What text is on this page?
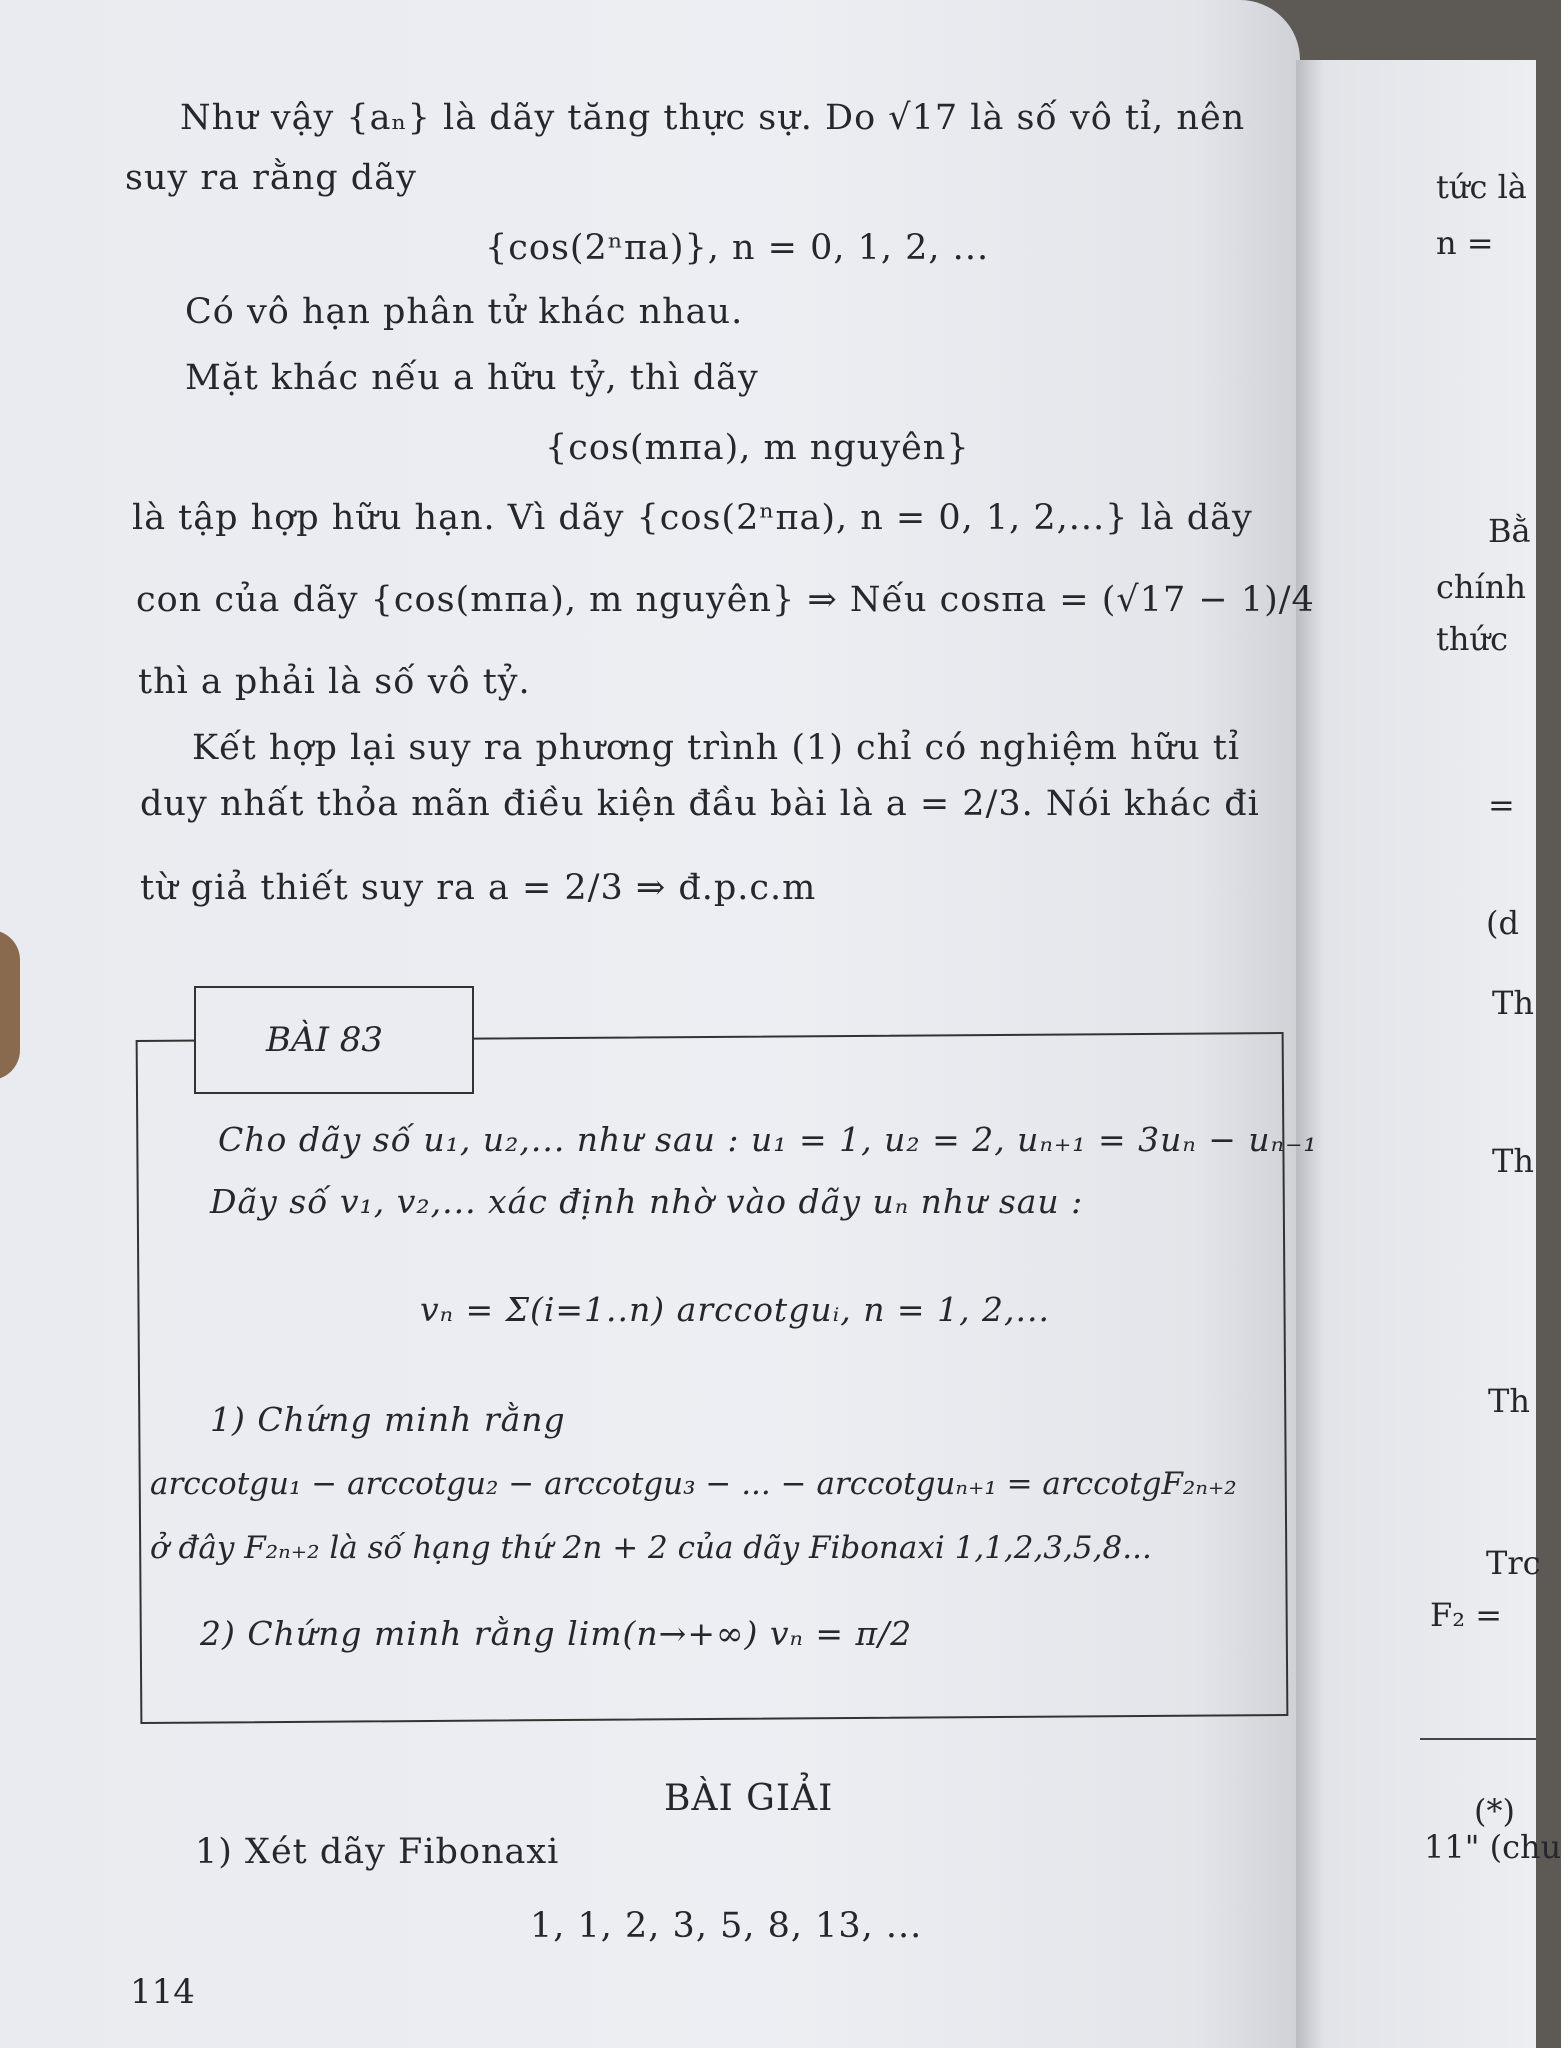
Như vậy {aₙ} là dãy tăng thực sự. Do √17 là số vô tỉ, nên
suy ra rằng dãy
{cos(2ⁿπa)}, n = 0, 1, 2, ...
Có vô hạn phân tử khác nhau.
Mặt khác nếu a hữu tỷ, thì dãy
{cos(mπa), m nguyên}
là tập hợp hữu hạn. Vì dãy {cos(2ⁿπa), n = 0, 1, 2,...} là dãy
con của dãy {cos(mπa), m nguyên} ⇒ Nếu cosπa = (√17 − 1)/4
thì a phải là số vô tỷ.
Kết hợp lại suy ra phương trình (1) chỉ có nghiệm hữu tỉ
duy nhất thỏa mãn điều kiện đầu bài là a = 2/3. Nói khác đi
từ giả thiết suy ra a = 2/3 ⇒ đ.p.c.m
BÀI 83
Cho dãy số u₁, u₂,... như sau : u₁ = 1, u₂ = 2, uₙ₊₁ = 3uₙ − uₙ₋₁
Dãy số v₁, v₂,... xác định nhờ vào dãy uₙ như sau :
vₙ = Σ(i=1..n) arccotguᵢ, n = 1, 2,...
1) Chứng minh rằng
arccotgu₁ − arccotgu₂ − arccotgu₃ − ... − arccotguₙ₊₁ = arccotgF₂ₙ₊₂
ở đây F₂ₙ₊₂ là số hạng thứ 2n + 2 của dãy Fibonaxi 1,1,2,3,5,8...
2) Chứng minh rằng lim(n→+∞) vₙ = π/2
BÀI GIẢI
1) Xét dãy Fibonaxi
1, 1, 2, 3, 5, 8, 13, ...
114
tức là
n =
Bằ
chính
thức
=
(d
Th
Th
Th
Trc
F₂ =
(*)
11" (chu
